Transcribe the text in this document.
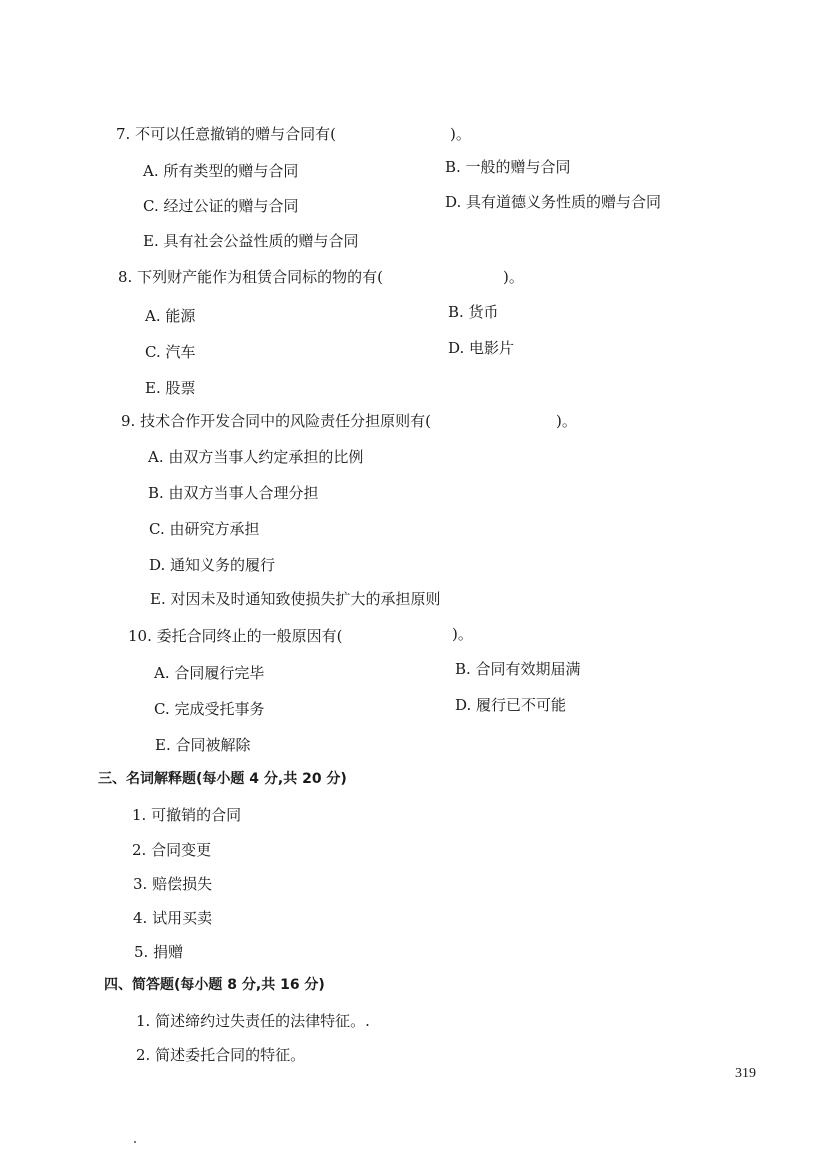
7. 不可以任意撤销的赠与合同有(	)。
A. 所有类型的赠与合同	B. 一般的赠与合同
C. 经过公证的赠与合同	D. 具有道德义务性质的赠与合同
E. 具有社会公益性质的赠与合同
8. 下列财产能作为租赁合同标的物的有(	)。
A. 能源	B. 货币
C. 汽车	D. 电影片
E. 股票
9. 技术合作开发合同中的风险责任分担原则有(	)。
A. 由双方当事人约定承担的比例
B. 由双方当事人合理分担
C. 由研究方承担
D. 通知义务的履行
E. 对因未及时通知致使损失扩大的承担原则
10. 委托合同终止的一般原因有(	)。
A. 合同履行完毕	B. 合同有效期届满
C. 完成受托事务	D. 履行已不可能
E. 合同被解除
三、名词解释题(每小题 4 分,共 20 分)
1. 可撤销的合同
2. 合同变更
3. 赔偿损失
4. 试用买卖
5. 捐赠
四、简答题(每小题 8 分,共 16 分)
1. 简述缔约过失责任的法律特征。.
2. 简述委托合同的特征。
319
